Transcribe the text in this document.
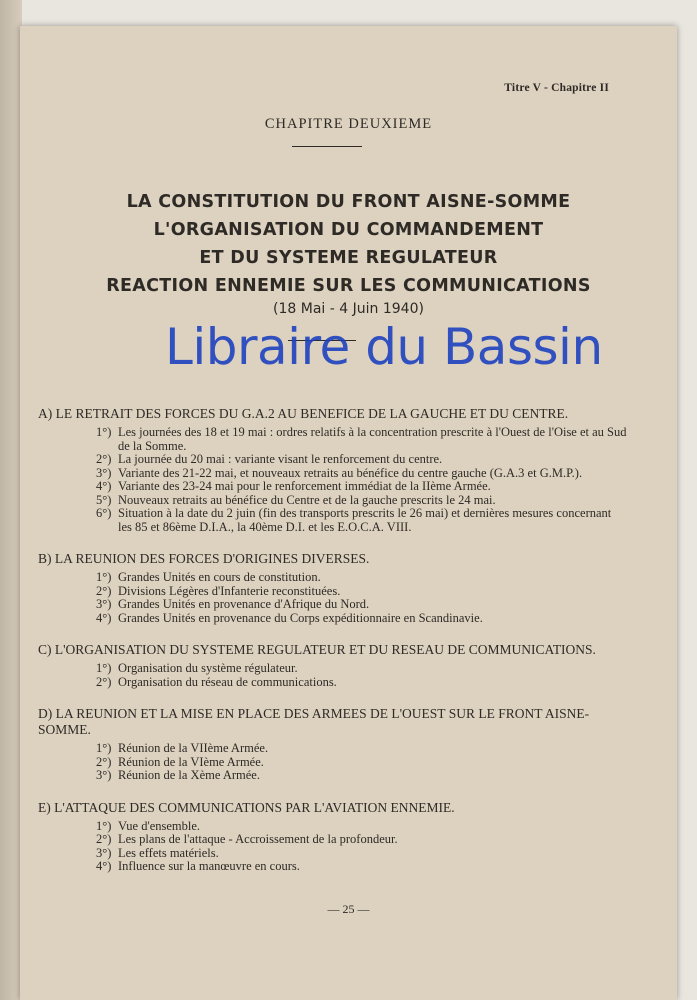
Titre V - Chapitre II
CHAPITRE DEUXIEME
LA CONSTITUTION DU FRONT AISNE-SOMME
L'ORGANISATION DU COMMANDEMENT
ET DU SYSTEME REGULATEUR
REACTION ENNEMIE SUR LES COMMUNICATIONS
(18 Mai - 4 Juin 1940)

A) LE RETRAIT DES FORCES DU G.A.2 AU BENEFICE DE LA GAUCHE ET DU CENTRE.

1°) Les journées des 18 et 19 mai : ordres relatifs à la concentration prescrite à l'Ouest de l'Oise et au Sud de la Somme.
2°) La journée du 20 mai : variante visant le renforcement du centre.
3°) Variante des 21-22 mai, et nouveaux retraits au bénéfice du centre gauche (G.A.3 et G.M.P.).
4°) Variante des 23-24 mai pour le renforcement immédiat de la IIème Armée.
5°) Nouveaux retraits au bénéfice du Centre et de la gauche prescrits le 24 mai.
6°) Situation à la date du 2 juin (fin des transports prescrits le 26 mai) et dernières mesures concernant les 85 et 86ème D.I.A., la 40ème D.I. et les E.O.C.A. VIII.

B) LA REUNION DES FORCES D'ORIGINES DIVERSES.

1°) Grandes Unités en cours de constitution.
2°) Divisions Légères d'Infanterie reconstituées.
3°) Grandes Unités en provenance d'Afrique du Nord.
4°) Grandes Unités en provenance du Corps expéditionnaire en Scandinavie.

C) L'ORGANISATION DU SYSTEME REGULATEUR ET DU RESEAU DE COMMUNICATIONS.

1°) Organisation du système régulateur.
2°) Organisation du réseau de communications.

D) LA REUNION ET LA MISE EN PLACE DES ARMEES DE L'OUEST SUR LE FRONT AISNE-SOMME.

1°) Réunion de la VIIème Armée.
2°) Réunion de la VIème Armée.
3°) Réunion de la Xème Armée.

E) L'ATTAQUE DES COMMUNICATIONS PAR L'AVIATION ENNEMIE.

1°) Vue d'ensemble.
2°) Les plans de l'attaque - Accroissement de la profondeur.
3°) Les effets matériels.
4°) Influence sur la manœuvre en cours.
— 25 —
Libraire du Bassin
